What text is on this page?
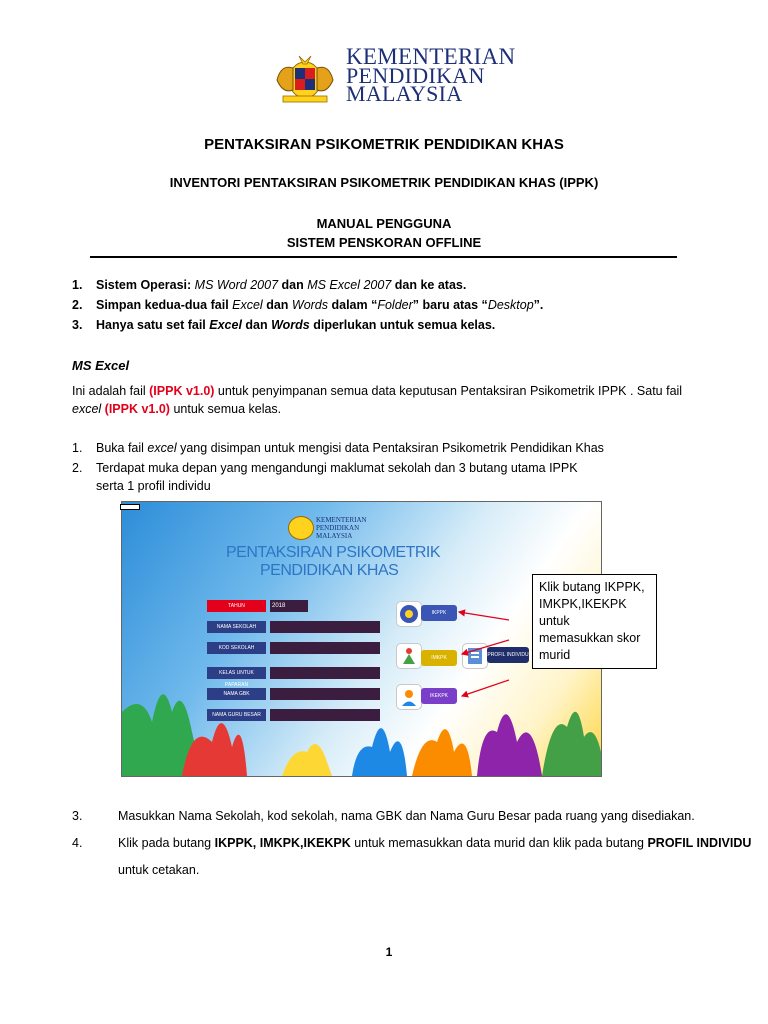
KEMENTERIAN
PENDIDIKAN
MALAYSIA
PENTAKSIRAN PSIKOMETRIK PENDIDIKAN KHAS
INVENTORI PENTAKSIRAN PSIKOMETRIK PENDIDIKAN KHAS (IPPK)
MANUAL PENGGUNA
SISTEM PENSKORAN OFFLINE
1. Sistem Operasi: MS Word 2007 dan MS Excel 2007 dan ke atas.
2. Simpan kedua-dua fail Excel dan Words dalam “Folder” baru atas “Desktop”.
3. Hanya satu set fail Excel dan Words diperlukan untuk semua kelas.
MS Excel
Ini adalah fail (IPPK v1.0) untuk penyimpanan semua data keputusan Pentaksiran Psikometrik IPPK . Satu fail
excel (IPPK v1.0) untuk semua kelas.
1. Buka fail excel yang disimpan untuk mengisi data Pentaksiran Psikometrik Pendidikan Khas
2. Terdapat muka depan yang mengandungi maklumat sekolah dan 3 butang utama IPPK
serta 1 profil individu
KEMENTERIAN
PENDIDIKAN
MALAYSIA
PENTAKSIRAN PSIKOMETRIK
PENDIDIKAN KHAS
TAHUN	2018
NAMA SEKOLAH
KOD SEKOLAH
KELAS UNTUK PAPARAN
NAMA GBK
NAMA GURU BESAR
IKPPK
IMKPK	PROFIL INDIVIDU
IKEKPK
Klik butang IKPPK,
IMKPK,IKEKPK
untuk
memasukkan skor
murid
3.	Masukkan Nama Sekolah, kod sekolah, nama GBK dan Nama Guru Besar pada ruang yang disediakan.
4.	Klik pada butang IKPPK, IMKPK,IKEKPK untuk memasukkan data murid dan klik pada butang PROFIL INDIVIDU
untuk cetakan.
1
